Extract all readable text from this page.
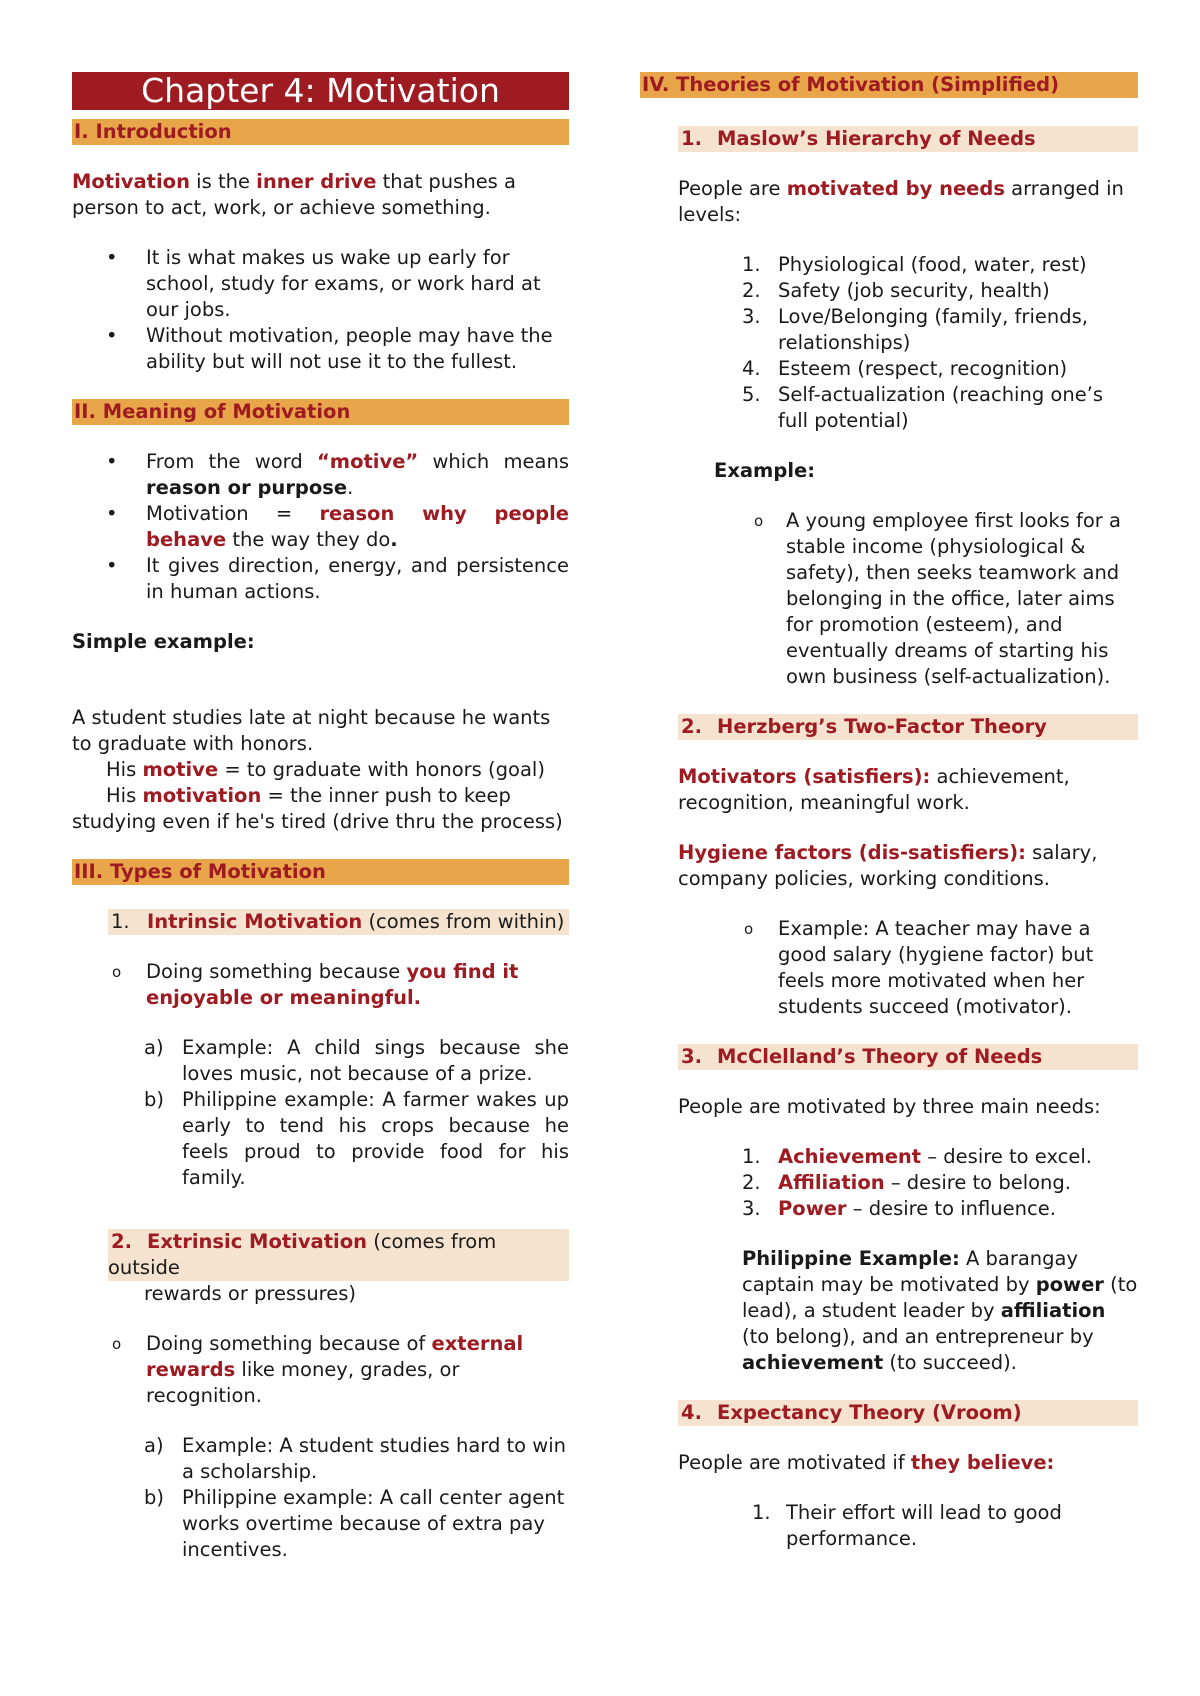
Chapter 4: Motivation
I. Introduction

Motivation is the inner drive that pushes a person to act, work, or achieve something.

• It is what makes us wake up early for school, study for exams, or work hard at our jobs.

• Without motivation, people may have the ability but will not use it to the fullest.

II. Meaning of Motivation

• From the word “motive” which means reason or purpose.

• Motivation = reason why people behave the way they do.

• It gives direction, energy, and persistence in human actions.

Simple example:

A student studies late at night because he wants to graduate with honors.

His motive = to graduate with honors (goal)

His motivation = the inner push to keep studying even if he's tired (drive thru the process)

III. Types of Motivation
1. Intrinsic Motivation (comes from within)

o Doing something because you find it enjoyable or meaningful.

a) Example: A child sings because she loves music, not because of a prize.

b) Philippine example: A farmer wakes up early to tend his crops because he feels proud to provide food for his family.

2. Extrinsic Motivation (comes from outside
rewards or pressures)

o Doing something because of external rewards like money, grades, or recognition.

a) Example: A student studies hard to win a scholarship.

b) Philippine example: A call center agent works overtime because of extra pay incentives.

IV. Theories of Motivation (Simplified)
1. Maslow’s Hierarchy of Needs

People are motivated by needs arranged in levels:

1. Physiological (food, water, rest)

2. Safety (job security, health)

3. Love/Belonging (family, friends, relationships)

4. Esteem (respect, recognition)

5. Self-actualization (reaching one’s full potential)

Example:

o A young employee first looks for a stable income (physiological & safety), then seeks teamwork and belonging in the office, later aims for promotion (esteem), and eventually dreams of starting his own business (self-actualization).

2. Herzberg’s Two-Factor Theory

Motivators (satisfiers): achievement, recognition, meaningful work.

Hygiene factors (dis-satisfiers): salary, company policies, working conditions.

o Example: A teacher may have a good salary (hygiene factor) but feels more motivated when her students succeed (motivator).

3. McClelland’s Theory of Needs

People are motivated by three main needs:

1. Achievement – desire to excel.

2. Affiliation – desire to belong.

3. Power – desire to influence.

Philippine Example: A barangay captain may be motivated by power (to lead), a student leader by affiliation (to belong), and an entrepreneur by achievement (to succeed).

4. Expectancy Theory (Vroom)

People are motivated if they believe:

1. Their effort will lead to good performance.
